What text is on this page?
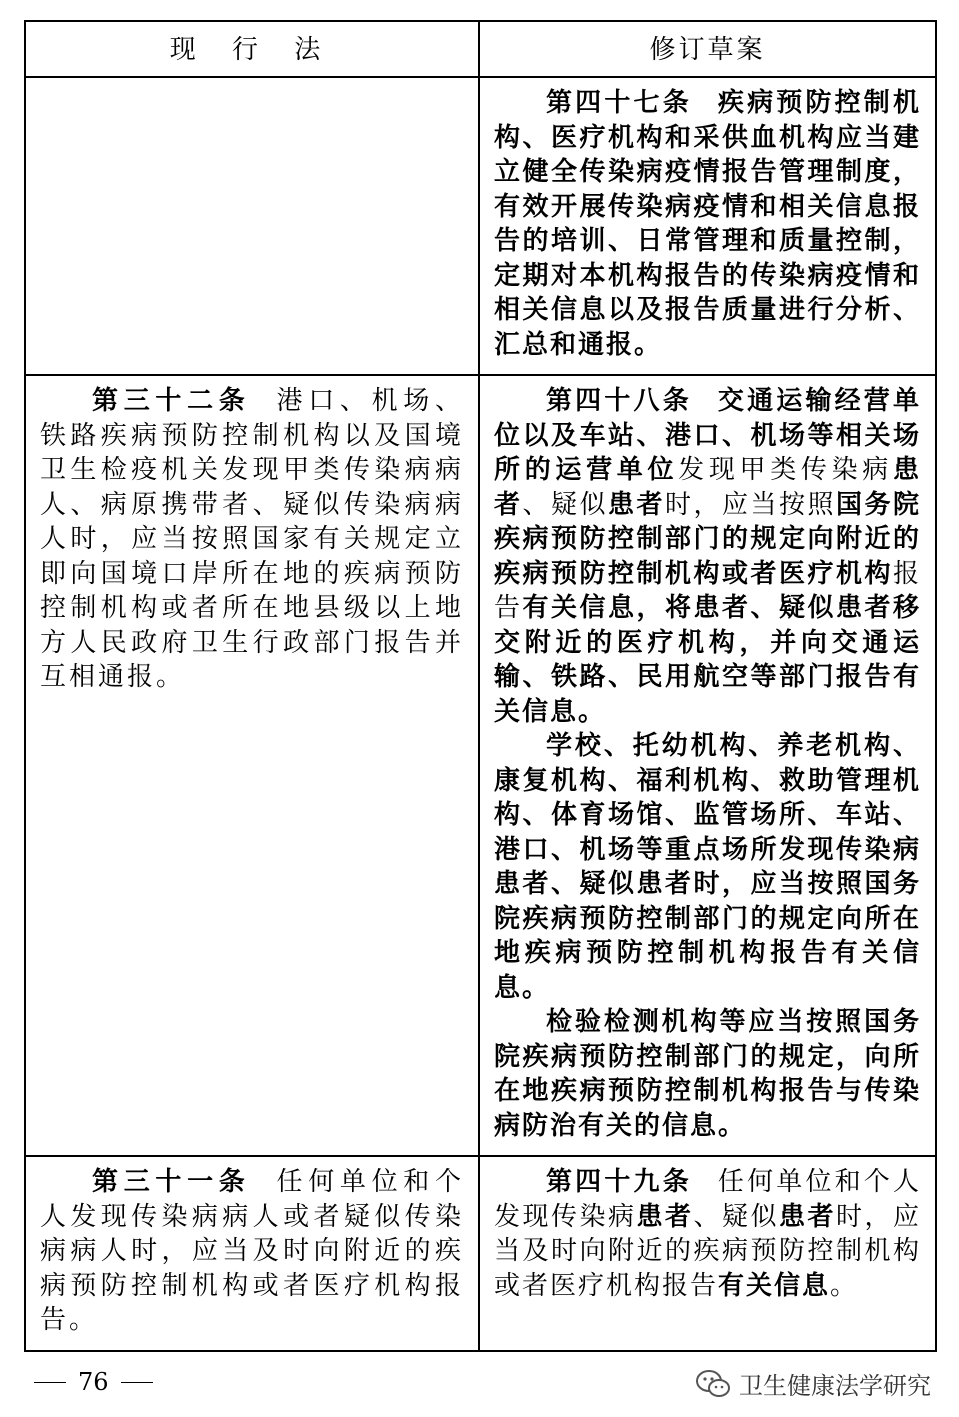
现 行 法	修订草案

	第四十七条 疾病预防控制机构、医疗机构和采供血机构应当建立健全传染病疫情报告管理制度，有效开展传染病疫情和相关信息报告的培训、日常管理和质量控制，定期对本机构报告的传染病疫情和相关信息以及报告质量进行分析、汇总和通报。

第三十二条 港口、机场、铁路疾病预防控制机构以及国境卫生检疫机关发现甲类传染病病人、病原携带者、疑似传染病病人时，应当按照国家有关规定立即向国境口岸所在地的疾病预防控制机构或者所在地县级以上地方人民政府卫生行政部门报告并互相通报。	第四十八条 交通运输经营单位以及车站、港口、机场等相关场所的运营单位发现甲类传染病患者、疑似患者时，应当按照国务院疾病预防控制部门的规定向附近的疾病预防控制机构或者医疗机构报告有关信息，将患者、疑似患者移交附近的医疗机构，并向交通运输、铁路、民用航空等部门报告有关信息。

学校、托幼机构、养老机构、康复机构、福利机构、救助管理机构、体育场馆、监管场所、车站、港口、机场等重点场所发现传染病患者、疑似患者时，应当按照国务院疾病预防控制部门的规定向所在地疾病预防控制机构报告有关信息。

检验检测机构等应当按照国务院疾病预防控制部门的规定，向所在地疾病预防控制机构报告与传染病防治有关的信息。

第三十一条 任何单位和个人发现传染病病人或者疑似传染病病人时，应当及时向附近的疾病预防控制机构或者医疗机构报告。	第四十九条 任何单位和个人发现传染病患者、疑似患者时，应当及时向附近的疾病预防控制机构或者医疗机构报告有关信息。

76	卫生健康法学研究
